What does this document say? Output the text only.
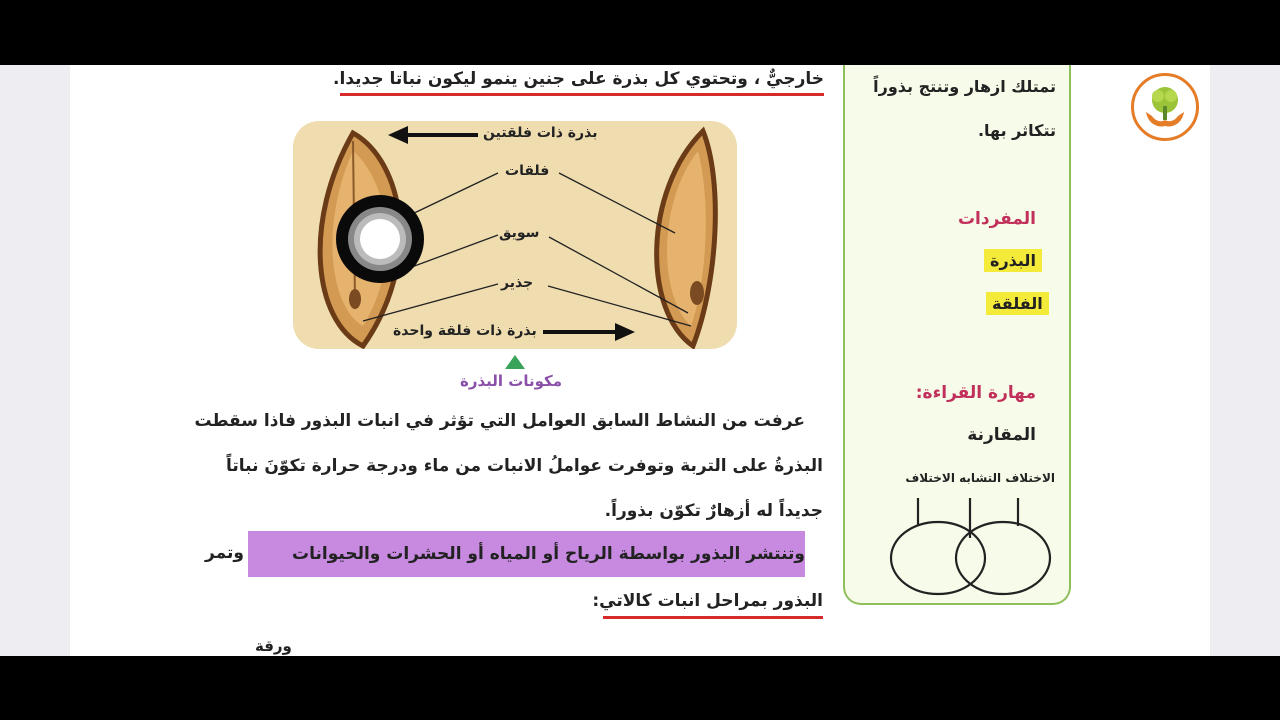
خارجيٌّ ، وتحتوي كل بذرة على جنين ينمو ليكون نباتا جديدا.
بذرة ذات فلقتين
فلقات
سويق
جذير
بذرة ذات فلقة واحدة
مكونات البذرة
عرفت من النشاط السابق العوامل التي تؤثر في انبات البذور فاذا سقطت
البذرةُ على التربة وتوفرت عواملُ الانبات من ماء ودرجة حرارة تكوّنَ نباتاً
جديداً له أزهارٌ تكوّن بذوراً.
وتنتشر البذور بواسطة الرياح أو المياه أو الحشرات والحيوانات
وتمر
البذور بمراحل انبات كالاتي:
ورقة
تمتلك ازهار وتنتج بذوراً
تتكاثر بها.
المفردات
البذرة
الفلقة
مهارة القراءة:
المقارنة
الاختلاف التشابه الاختلاف
